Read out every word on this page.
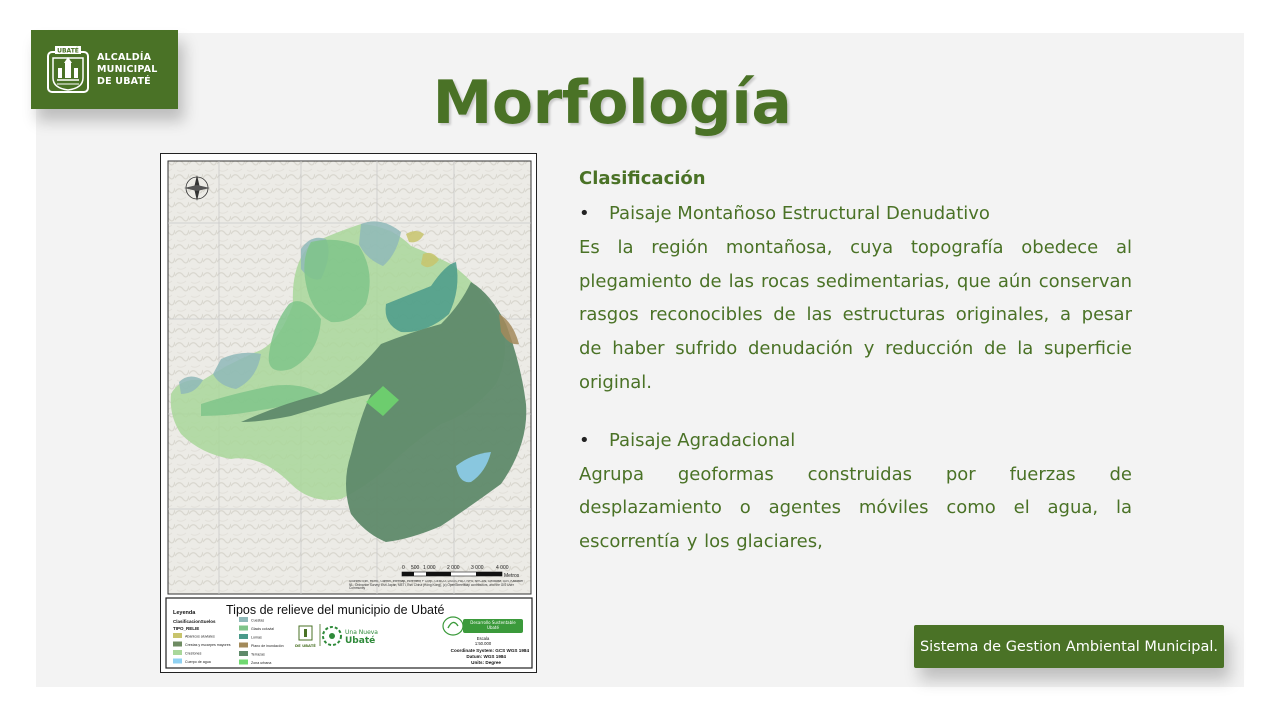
UBATÉ
ALCALDÍA
MUNICIPAL
DE UBATÉ	Morfología
0 500 1 000 2 000 3 000 4 000
Metros
Sources: Esri, HERE, Garmin, Intermap, increment P Corp., GEBCO, USGS, FAO, NPS, NRCAN, GeoBase, IGN, Kadaster NL, Ordnance Survey, Esri Japan, METI, Esri China (Hong Kong), (c) OpenStreetMap contributors, and the GIS User Community
Leyenda
ClasificacionSuelos
TIPO_RELIE
Abanicos aluviales
Crestas y escarpes mayores
Crestones
Cuerpo de agua
Cuestas
Glacis coluvial
Lomas
Plano de inundación
Terrazas
Zona urbana
Tipos de relieve del municipio de Ubaté
DE UBATÉ
Una Nueva
Ubaté
Desarrollo Sustentable Ubaté
Escala
1:50.000
Coordinate System: GCS WGS 1984
Datum: WGS 1984
Units: Degree
Clasificación
•	Paisaje Montañoso Estructural Denudativo
Es la región montañosa, cuya topografía obedece al plegamiento de las rocas sedimentarias, que aún conservan rasgos reconocibles de las estructuras originales, a pesar de haber sufrido denudación y reducción de la superficie original.
•	Paisaje Agradacional
Agrupa geoformas construidas por fuerzas de desplazamiento o agentes móviles como el agua, la escorrentía y los glaciares,
Sistema de Gestion Ambiental Municipal.
